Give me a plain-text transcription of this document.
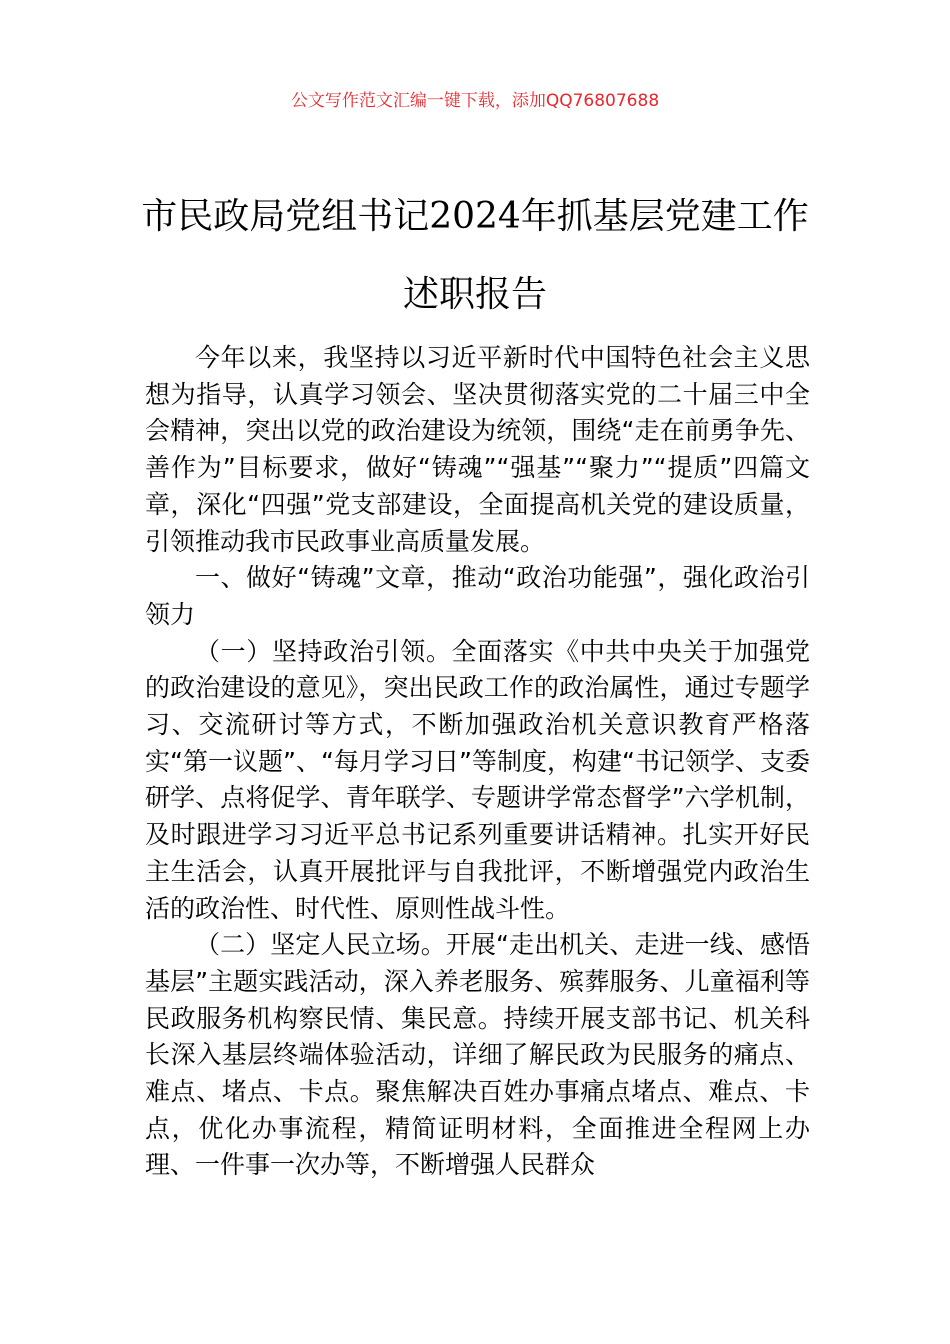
公文写作范文汇编一键下载，添加QQ76807688
市民政局党组书记2024年抓基层党建工作
述职报告

今年以来，我坚持以习近平新时代中国特色社会主义思想为指导，认真学习领会、坚决贯彻落实党的二十届三中全会精神，突出以党的政治建设为统领，围绕“走在前勇争先、善作为”目标要求，做好“铸魂”“强基”“聚力”“提质”四篇文章，深化“四强”党支部建设，全面提高机关党的建设质量，引领推动我市民政事业高质量发展。

一、做好“铸魂”文章，推动“政治功能强”，强化政治引领力

（一）坚持政治引领。全面落实《中共中央关于加强党的政治建设的意见》，突出民政工作的政治属性，通过专题学习、交流研讨等方式，不断加强政治机关意识教育严格落实“第一议题”、“每月学习日”等制度，构建“书记领学、支委研学、点将促学、青年联学、专题讲学常态督学”六学机制，及时跟进学习习近平总书记系列重要讲话精神。扎实开好民主生活会，认真开展批评与自我批评，不断增强党内政治生活的政治性、时代性、原则性战斗性。

（二）坚定人民立场。开展“走出机关、走进一线、感悟基层”主题实践活动，深入养老服务、殡葬服务、儿童福利等民政服务机构察民情、集民意。持续开展支部书记、机关科长深入基层终端体验活动，详细了解民政为民服务的痛点、难点、堵点、卡点。聚焦解决百姓办事痛点堵点、难点、卡点，优化办事流程，精简证明材料，全面推进全程网上办理、一件事一次办等，不断增强人民群众
